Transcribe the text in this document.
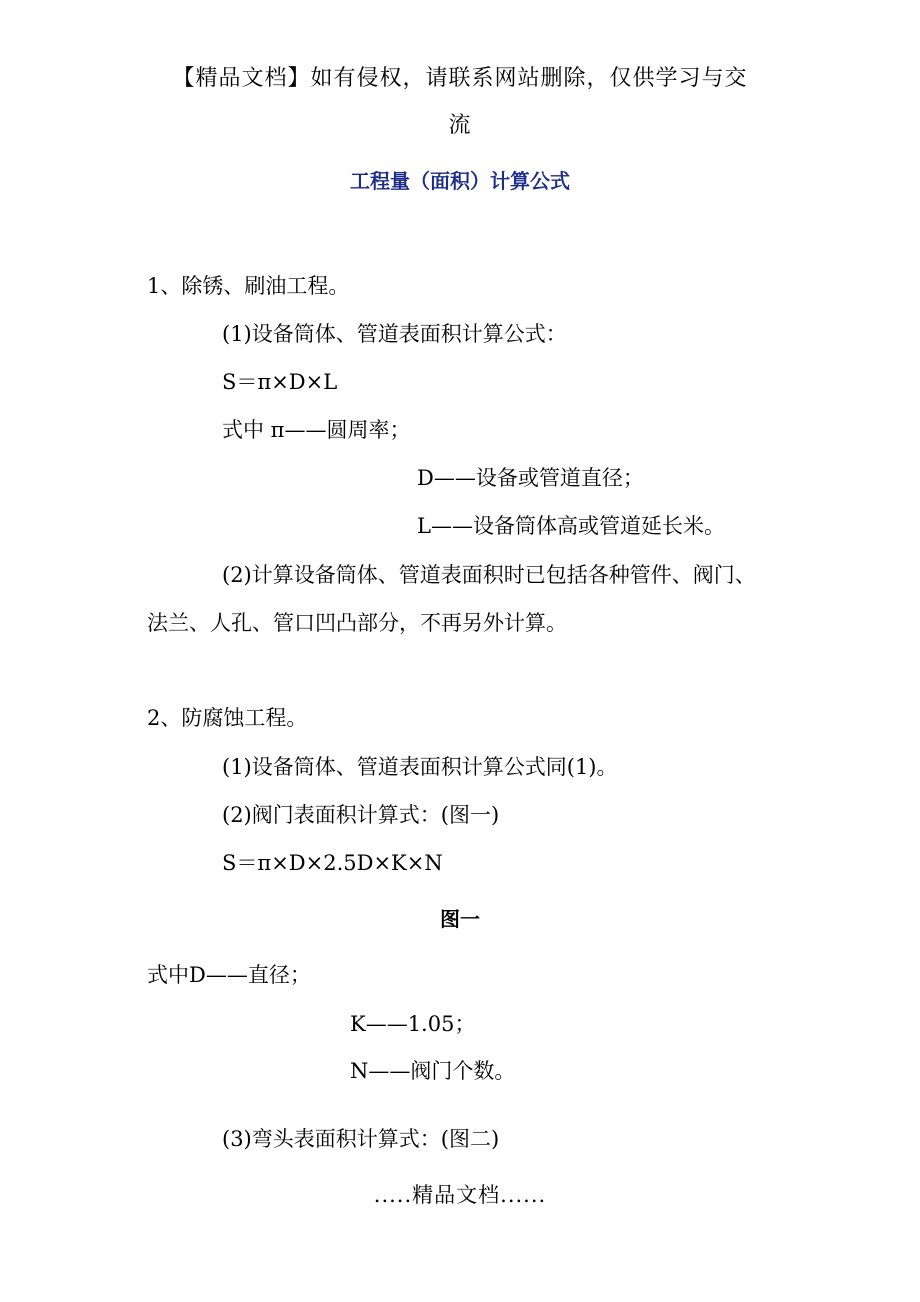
【精品文档】如有侵权，请联系网站删除，仅供学习与交
流
工程量（面积）计算公式
1、除锈、刷油工程。
(1)设备筒体、管道表面积计算公式：
S＝π×D×L
式中 π——圆周率；
D——设备或管道直径；
L——设备筒体高或管道延长米。
(2)计算设备筒体、管道表面积时已包括各种管件、阀门、
法兰、人孔、管口凹凸部分，不再另外计算。
2、防腐蚀工程。
(1)设备筒体、管道表面积计算公式同(1)。
(2)阀门表面积计算式：(图一)
S＝π×D×2.5D×K×N
图一
式中D——直径；
K——1.05；
N——阀门个数。
(3)弯头表面积计算式：(图二)
.....精品文档......
